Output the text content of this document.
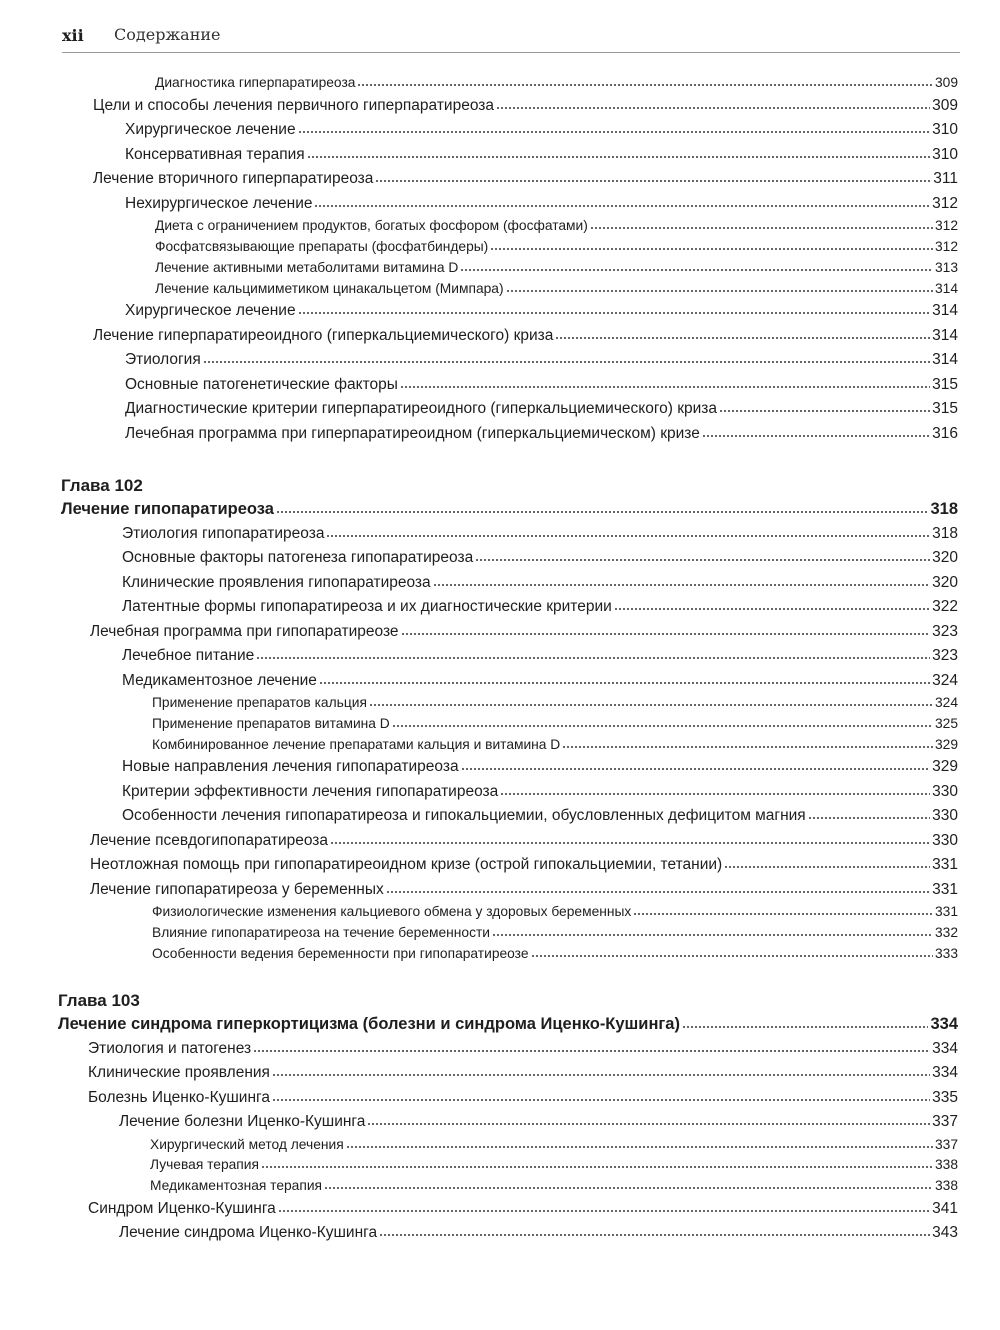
xii Содержание
Диагностика гиперпаратиреоза	309
Цели и способы лечения первичного гиперпаратиреоза	309
Хирургическое лечение	310
Консервативная терапия	310
Лечение вторичного гиперпаратиреоза	311
Нехирургическое лечение	312
Диета с ограничением продуктов, богатых фосфором (фосфатами)	312
Фосфатсвязывающие препараты (фосфатбиндеры)	312
Лечение активными метаболитами витамина D	313
Лечение кальцимиметиком цинакальцетом (Мимпара)	314
Хирургическое лечение	314
Лечение гиперпаратиреоидного (гиперкальциемического) криза	314
Этиология	314
Основные патогенетические факторы	315
Диагностические критерии гиперпаратиреоидного (гиперкальциемического) криза	315
Лечебная программа при гиперпаратиреоидном (гиперкальциемическом) кризе	316
Глава 102
Лечение гипопаратиреоза	318
Этиология гипопаратиреоза	318
Основные факторы патогенеза гипопаратиреоза	320
Клинические проявления гипопаратиреоза	320
Латентные формы гипопаратиреоза и их диагностические критерии	322
Лечебная программа при гипопаратиреозе	323
Лечебное питание	323
Медикаментозное лечение	324
Применение препаратов кальция	324
Применение препаратов витамина D	325
Комбинированное лечение препаратами кальция и витамина D	329
Новые направления лечения гипопаратиреоза	329
Критерии эффективности лечения гипопаратиреоза	330
Особенности лечения гипопаратиреоза и гипокальциемии, обусловленных дефицитом магния	330
Лечение псевдогипопаратиреоза	330
Неотложная помощь при гипопаратиреоидном кризе (острой гипокальциемии, тетании)	331
Лечение гипопаратиреоза у беременных	331
Физиологические изменения кальциевого обмена у здоровых беременных	331
Влияние гипопаратиреоза на течение беременности	332
Особенности ведения беременности при гипопаратиреозе	333
Глава 103
Лечение синдрома гиперкортицизма (болезни и синдрома Иценко-Кушинга)	334
Этиология и патогенез	334
Клинические проявления	334
Болезнь Иценко-Кушинга	335
Лечение болезни Иценко-Кушинга	337
Хирургический метод лечения	337
Лучевая терапия	338
Медикаментозная терапия	338
Синдром Иценко-Кушинга	341
Лечение синдрома Иценко-Кушинга	343
